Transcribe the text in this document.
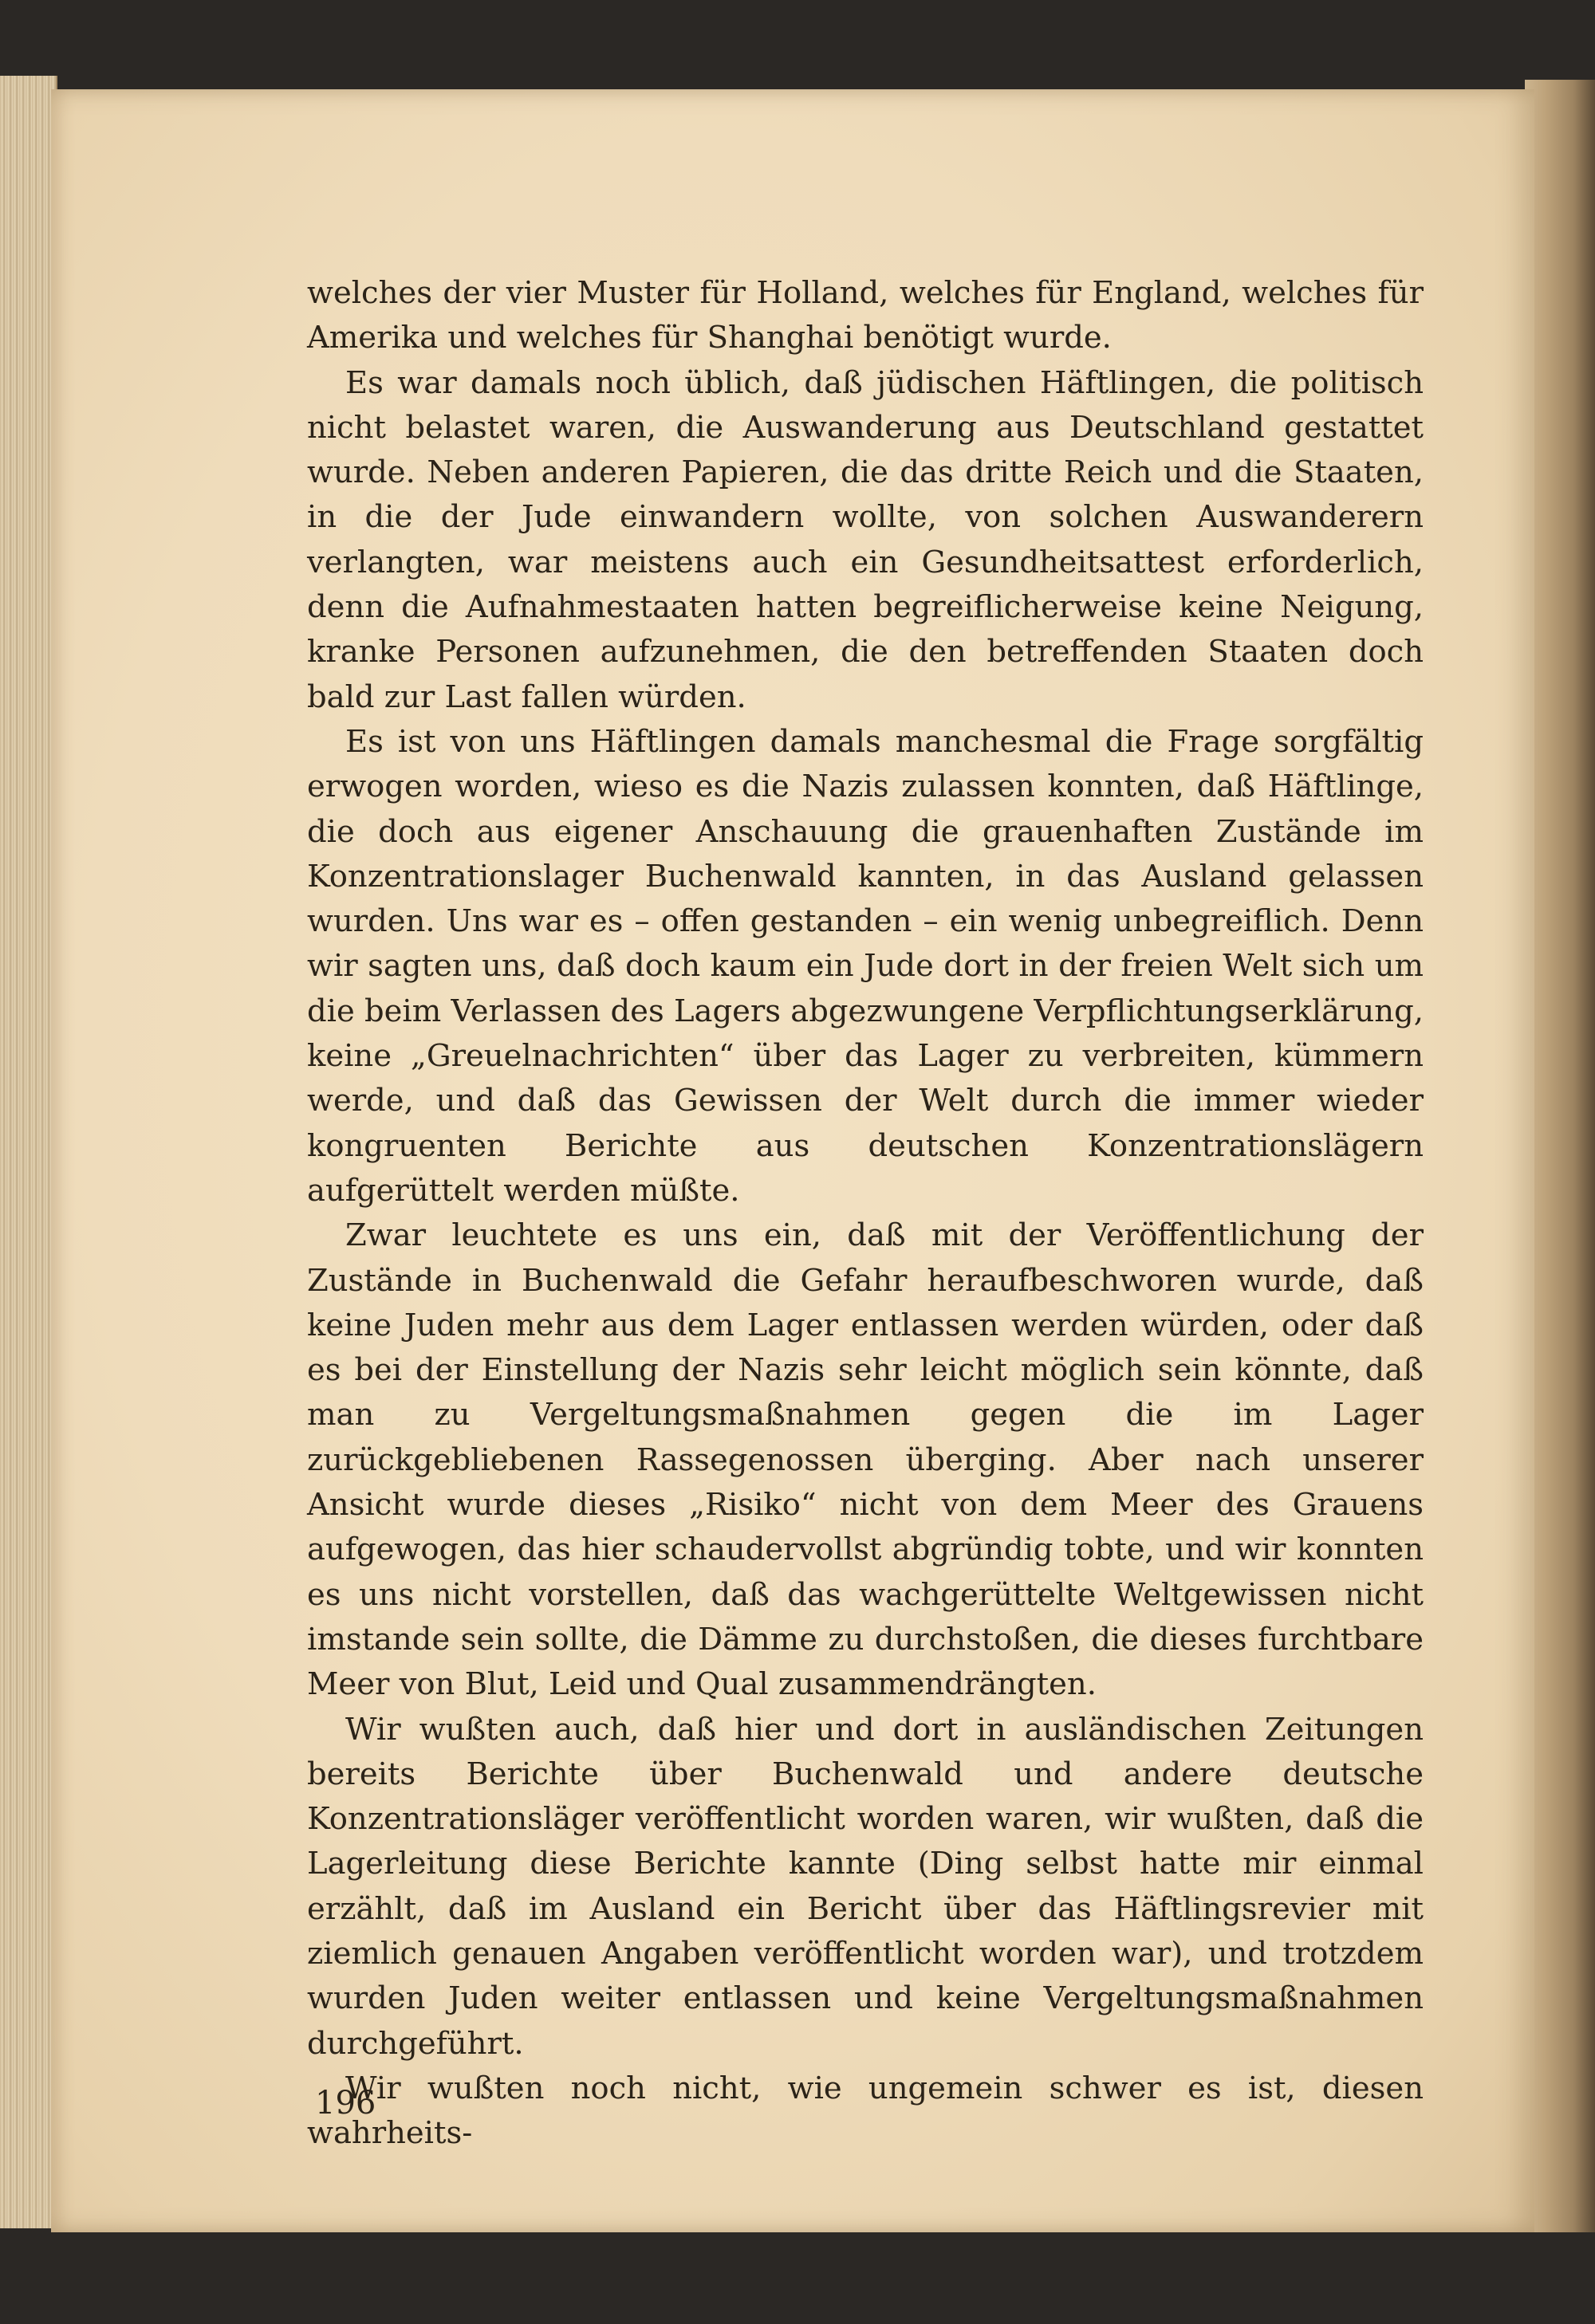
welches der vier Muster für Holland, welches für England, welches für Amerika und welches für Shanghai benötigt wurde.

Es war damals noch üblich, daß jüdischen Häftlingen, die politisch nicht belastet waren, die Auswanderung aus Deutschland gestattet wurde. Neben anderen Papieren, die das dritte Reich und die Staaten, in die der Jude einwandern wollte, von solchen Auswanderern verlangten, war meistens auch ein Gesundheitsattest erforderlich, denn die Aufnahmestaaten hatten begreiflicherweise keine Neigung, kranke Personen aufzunehmen, die den betreffenden Staaten doch bald zur Last fallen würden.

Es ist von uns Häftlingen damals manchesmal die Frage sorgfältig erwogen worden, wieso es die Nazis zulassen konnten, daß Häftlinge, die doch aus eigener Anschauung die grauenhaften Zustände im Konzentrationslager Buchenwald kannten, in das Ausland gelassen wurden. Uns war es – offen gestanden – ein wenig unbegreiflich. Denn wir sagten uns, daß doch kaum ein Jude dort in der freien Welt sich um die beim Verlassen des Lagers abgezwungene Verpflichtungserklärung, keine „Greuelnachrichten“ über das Lager zu verbreiten, kümmern werde, und daß das Gewissen der Welt durch die immer wieder kongruenten Berichte aus deutschen Konzentrationslägern aufgerüttelt werden müßte.

Zwar leuchtete es uns ein, daß mit der Veröffentlichung der Zustände in Buchenwald die Gefahr heraufbeschworen wurde, daß keine Juden mehr aus dem Lager entlassen werden würden, oder daß es bei der Einstellung der Nazis sehr leicht möglich sein könnte, daß man zu Vergeltungsmaßnahmen gegen die im Lager zurückgebliebenen Rassegenossen überging. Aber nach unserer Ansicht wurde dieses „Risiko“ nicht von dem Meer des Grauens aufgewogen, das hier schaudervollst abgründig tobte, und wir konnten es uns nicht vorstellen, daß das wachgerüttelte Weltgewissen nicht imstande sein sollte, die Dämme zu durchstoßen, die dieses furchtbare Meer von Blut, Leid und Qual zusammendrängten.

Wir wußten auch, daß hier und dort in ausländischen Zeitungen bereits Berichte über Buchenwald und andere deutsche Konzentrationsläger veröffentlicht worden waren, wir wußten, daß die Lagerleitung diese Berichte kannte (Ding selbst hatte mir einmal erzählt, daß im Ausland ein Bericht über das Häftlingsrevier mit ziemlich genauen Angaben veröffentlicht worden war), und trotzdem wurden Juden weiter entlassen und keine Vergeltungsmaßnahmen durchgeführt.

Wir wußten noch nicht, wie ungemein schwer es ist, diesen wahrheits-

196
